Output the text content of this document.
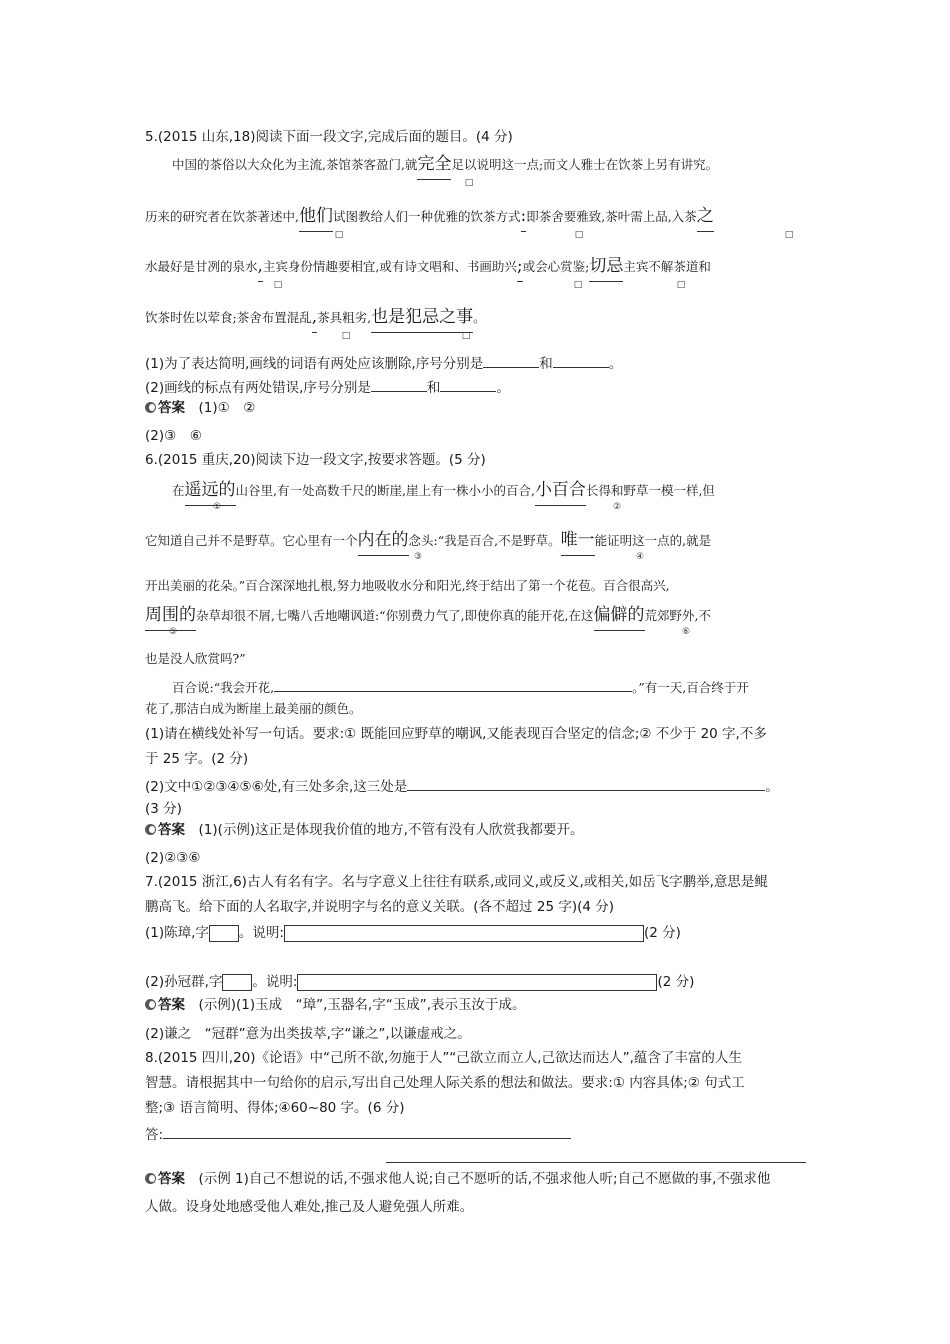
5.(2015 山东,18)阅读下面一段文字,完成后面的题目。(4 分)
中国的茶俗以大众化为主流,茶馆茶客盈门,就完全足以说明这一点;而文人雅士在饮茶上另有讲究。
□
历来的研究者在饮茶著述中,他们试图教给人们一种优雅的饮茶方式:即茶舍要雅致,茶叶需上品,入茶之
□	□	□
水最好是甘冽的泉水,主宾身份情趣要相宜,或有诗文唱和、书画助兴;或会心赏鉴;切忌主宾不解茶道和
□	□	□
饮茶时佐以荤食;茶舍布置混乱,茶具粗劣,也是犯忌之事。
□	□
(1)为了表达简明,画线的词语有两处应该删除,序号分别是	和	。
(2)画线的标点有两处错误,序号分别是	和	。
答案　 (1)①　②
(2)③　⑥
6.(2015 重庆,20)阅读下边一段文字,按要求答题。(5 分)
在遥远的山谷里,有一处高数千尺的断崖,崖上有一株小小的百合,小百合长得和野草一模一样,但
①	②
它知道自己并不是野草。它心里有一个内在的念头:“我是百合,不是野草。唯一能证明这一点的,就是
③	④
开出美丽的花朵。”百合深深地扎根,努力地吸收水分和阳光,终于结出了第一个花苞。百合很高兴,
周围的杂草却很不屑,七嘴八舌地嘲讽道:“你别费力气了,即使你真的能开花,在这偏僻的荒郊野外,不
⑤	⑥
也是没人欣赏吗?”
百合说:“我会开花,	。”有一天,百合终于开
花了,那洁白成为断崖上最美丽的颜色。
(1)请在横线处补写一句话。要求:① 既能回应野草的嘲讽,又能表现百合坚定的信念;② 不少于 20 字,不多
于 25 字。(2 分)
(2)文中①②③④⑤⑥处,有三处多余,这三处是	。
(3 分)
答案　 (1)(示例)这正是体现我价值的地方,不管有没有人欣赏我都要开。
(2)②③⑥
7.(2015 浙江,6)古人有名有字。名与字意义上往往有联系,或同义,或反义,或相关,如岳飞字鹏举,意思是鲲
鹏高飞。给下面的人名取字,并说明字与名的意义关联。(各不超过 25 字)(4 分)
(1)陈璋,字 。说明:	(2 分)
(2)孙冠群,字 。说明:	(2 分)
答案　 (示例)(1)玉成　“璋”,玉器名,字“玉成”,表示玉汝于成。
(2)谦之　“冠群”意为出类拔萃,字“谦之”,以谦虚戒之。
8.(2015 四川,20)《论语》中“己所不欲,勿施于人”“己欲立而立人,己欲达而达人”,蕴含了丰富的人生
智慧。请根据其中一句给你的启示,写出自己处理人际关系的想法和做法。要求:① 内容具体;② 句式工
整;③ 语言简明、得体;④60~80 字。(6 分)
答:
答案　 (示例 1)自己不想说的话,不强求他人说;自己不愿听的话,不强求他人听;自己不愿做的事,不强求他
人做。设身处地感受他人难处,推己及人避免强人所难。
